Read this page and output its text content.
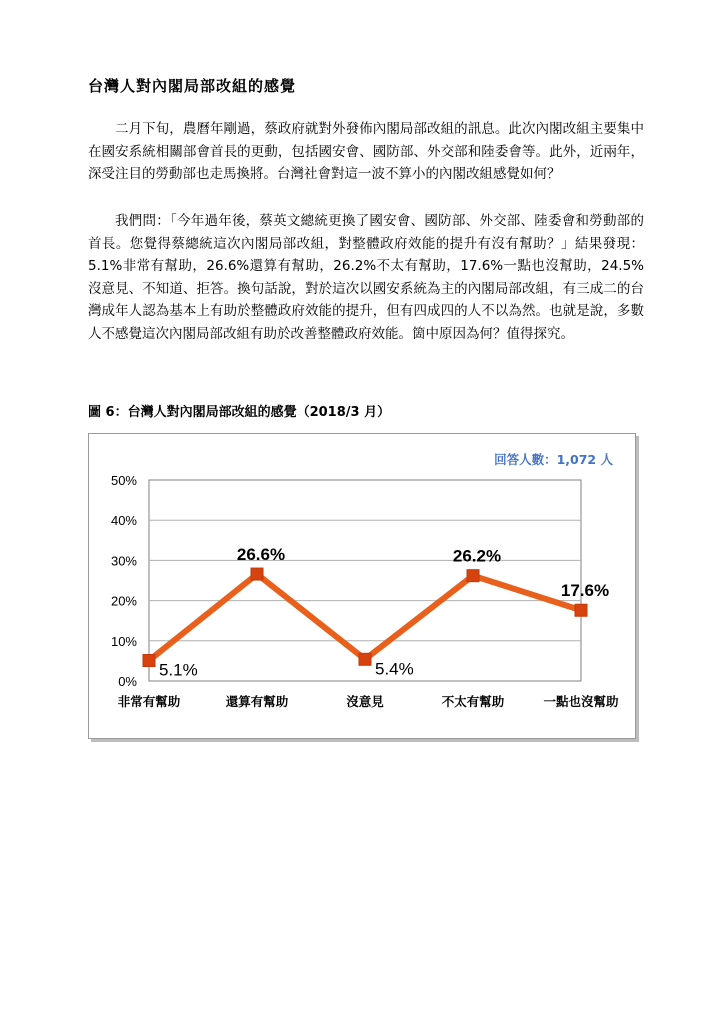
台灣人對內閣局部改組的感覺

二月下旬，農曆年剛過，蔡政府就對外發佈內閣局部改組的訊息。此次內閣改組主要集中在國安系統相關部會首長的更動，包括國安會、國防部、外交部和陸委會等。此外，近兩年，深受注目的勞動部也走馬換將。台灣社會對這一波不算小的內閣改組感覺如何？

我們問：「今年過年後，蔡英文總統更換了國安會、國防部、外交部、陸委會和勞動部的首長。您覺得蔡總統這次內閣局部改組，對整體政府效能的提升有沒有幫助？」結果發現：5.1%非常有幫助，26.6%還算有幫助，26.2%不太有幫助，17.6%一點也沒幫助，24.5%沒意見、不知道、拒答。換句話說，對於這次以國安系統為主的內閣局部改組，有三成二的台灣成年人認為基本上有助於整體政府效能的提升，但有四成四的人不以為然。也就是說，多數人不感覺這次內閣局部改組有助於改善整體政府效能。箇中原因為何？值得探究。

圖 6：台灣人對內閣局部改組的感覺（2018/3 月）
0%
10%
20%
30%
40%
50%
非常有幫助	還算有幫助	沒意見	不太有幫助	一點也沒幫助
5.1%
26.6%
5.4%
26.2%
17.6%
回答人數：1,072 人
